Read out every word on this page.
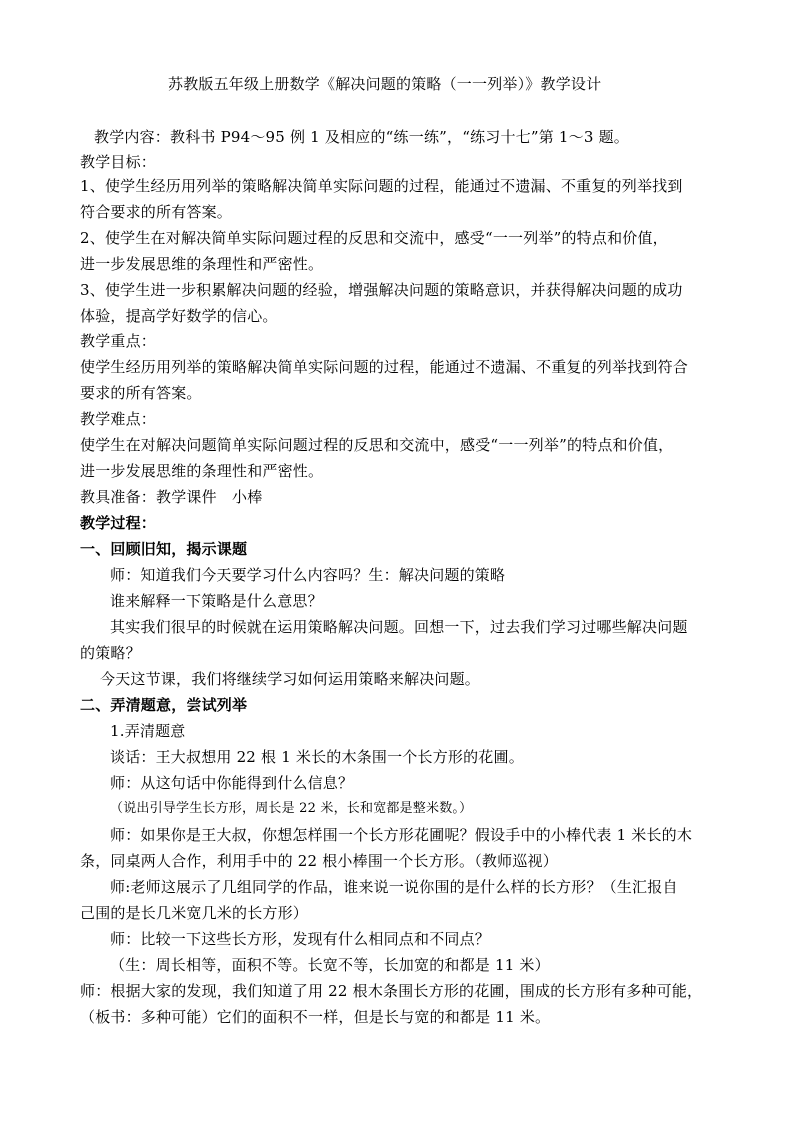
苏教版五年级上册数学《解决问题的策略（一一列举）》教学设计
教学内容：教科书 P94～95 例 1 及相应的“练一练”，“练习十七”第 1～3 题。
教学目标：
1、使学生经历用列举的策略解决简单实际问题的过程，能通过不遗漏、不重复的列举找到
符合要求的所有答案。
2、使学生在对解决简单实际问题过程的反思和交流中，感受“一一列举”的特点和价值，
进一步发展思维的条理性和严密性。
3、使学生进一步积累解决问题的经验，增强解决问题的策略意识，并获得解决问题的成功
体验，提高学好数学的信心。
教学重点：
使学生经历用列举的策略解决简单实际问题的过程，能通过不遗漏、不重复的列举找到符合
要求的所有答案。
教学难点：
使学生在对解决问题简单实际问题过程的反思和交流中，感受“一一列举”的特点和价值，
进一步发展思维的条理性和严密性。
教具准备：教学课件　小棒
教学过程：
一、回顾旧知，揭示课题
师：知道我们今天要学习什么内容吗？生：解决问题的策略
谁来解释一下策略是什么意思？
其实我们很早的时候就在运用策略解决问题。回想一下，过去我们学习过哪些解决问题
的策略？
今天这节课，我们将继续学习如何运用策略来解决问题。
二、弄清题意，尝试列举
1.弄清题意
谈话：王大叔想用 22 根 1 米长的木条围一个长方形的花圃。
师：从这句话中你能得到什么信息？
（说出引导学生长方形，周长是 22 米，长和宽都是整米数。）
师：如果你是王大叔，你想怎样围一个长方形花圃呢？假设手中的小棒代表 1 米长的木
条，同桌两人合作，利用手中的 22 根小棒围一个长方形。（教师巡视）
师:老师这展示了几组同学的作品，谁来说一说你围的是什么样的长方形？（生汇报自
己围的是长几米宽几米的长方形）
师：比较一下这些长方形，发现有什么相同点和不同点？
（生：周长相等，面积不等。长宽不等，长加宽的和都是 11 米）
师：根据大家的发现，我们知道了用 22 根木条围长方形的花圃，围成的长方形有多种可能，
（板书：多种可能）它们的面积不一样，但是长与宽的和都是 11 米。
